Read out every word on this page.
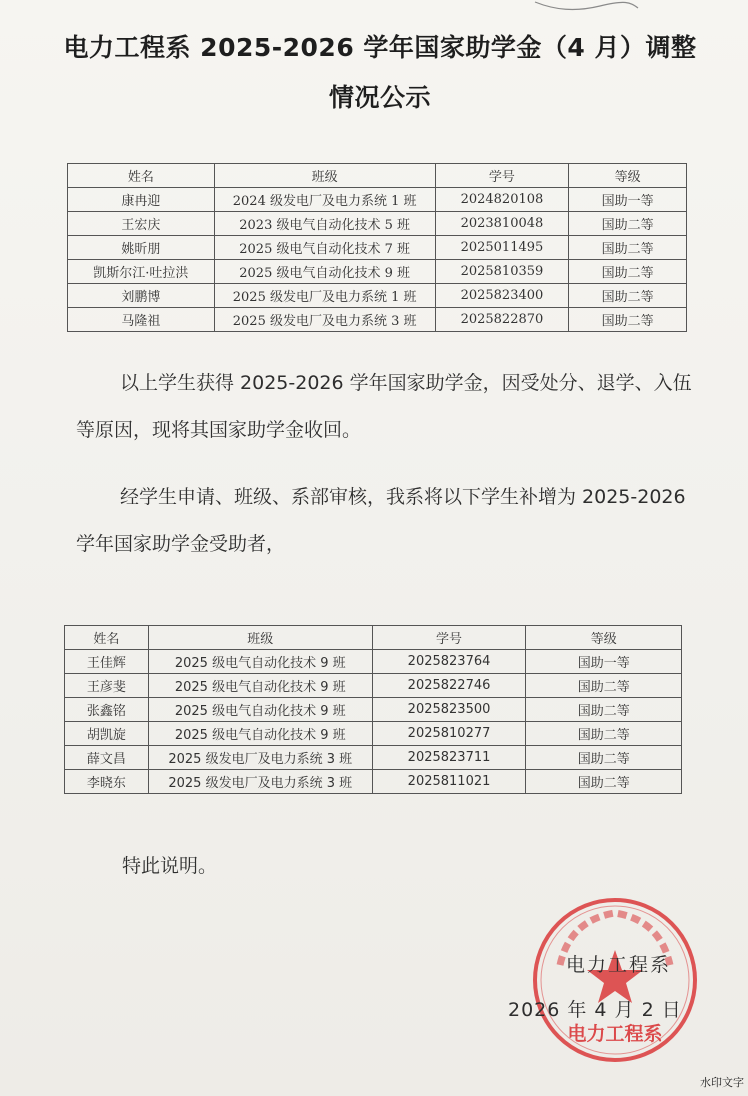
电力工程系 2025-2026 学年国家助学金（4 月）调整
情况公示
姓名	班级	学号	等级
康冉迎	2024 级发电厂及电力系统 1 班	2024820108	国助一等
王宏庆	2023 级电气自动化技术 5 班	2023810048	国助二等
姚昕朋	2025 级电气自动化技术 7 班	2025011495	国助二等
凯斯尔江·吐拉洪	2025 级电气自动化技术 9 班	2025810359	国助二等
刘鹏博	2025 级发电厂及电力系统 1 班	2025823400	国助二等
马隆祖	2025 级发电厂及电力系统 3 班	2025822870	国助二等
以上学生获得 2025-2026 学年国家助学金，因受处分、退学、入伍等原因，现将其国家助学金收回。
经学生申请、班级、系部审核，我系将以下学生补增为 2025-2026 学年国家助学金受助者，
姓名	班级	学号	等级
王佳辉	2025 级电气自动化技术 9 班	2025823764	国助一等
王彦斐	2025 级电气自动化技术 9 班	2025822746	国助二等
张鑫铭	2025 级电气自动化技术 9 班	2025823500	国助二等
胡凯旋	2025 级电气自动化技术 9 班	2025810277	国助二等
薛文昌	2025 级发电厂及电力系统 3 班	2025823711	国助二等
李晓东	2025 级发电厂及电力系统 3 班	2025811021	国助二等
特此说明。
电力工程系
电力工程系
2026 年 4 月 2 日
水印文字
